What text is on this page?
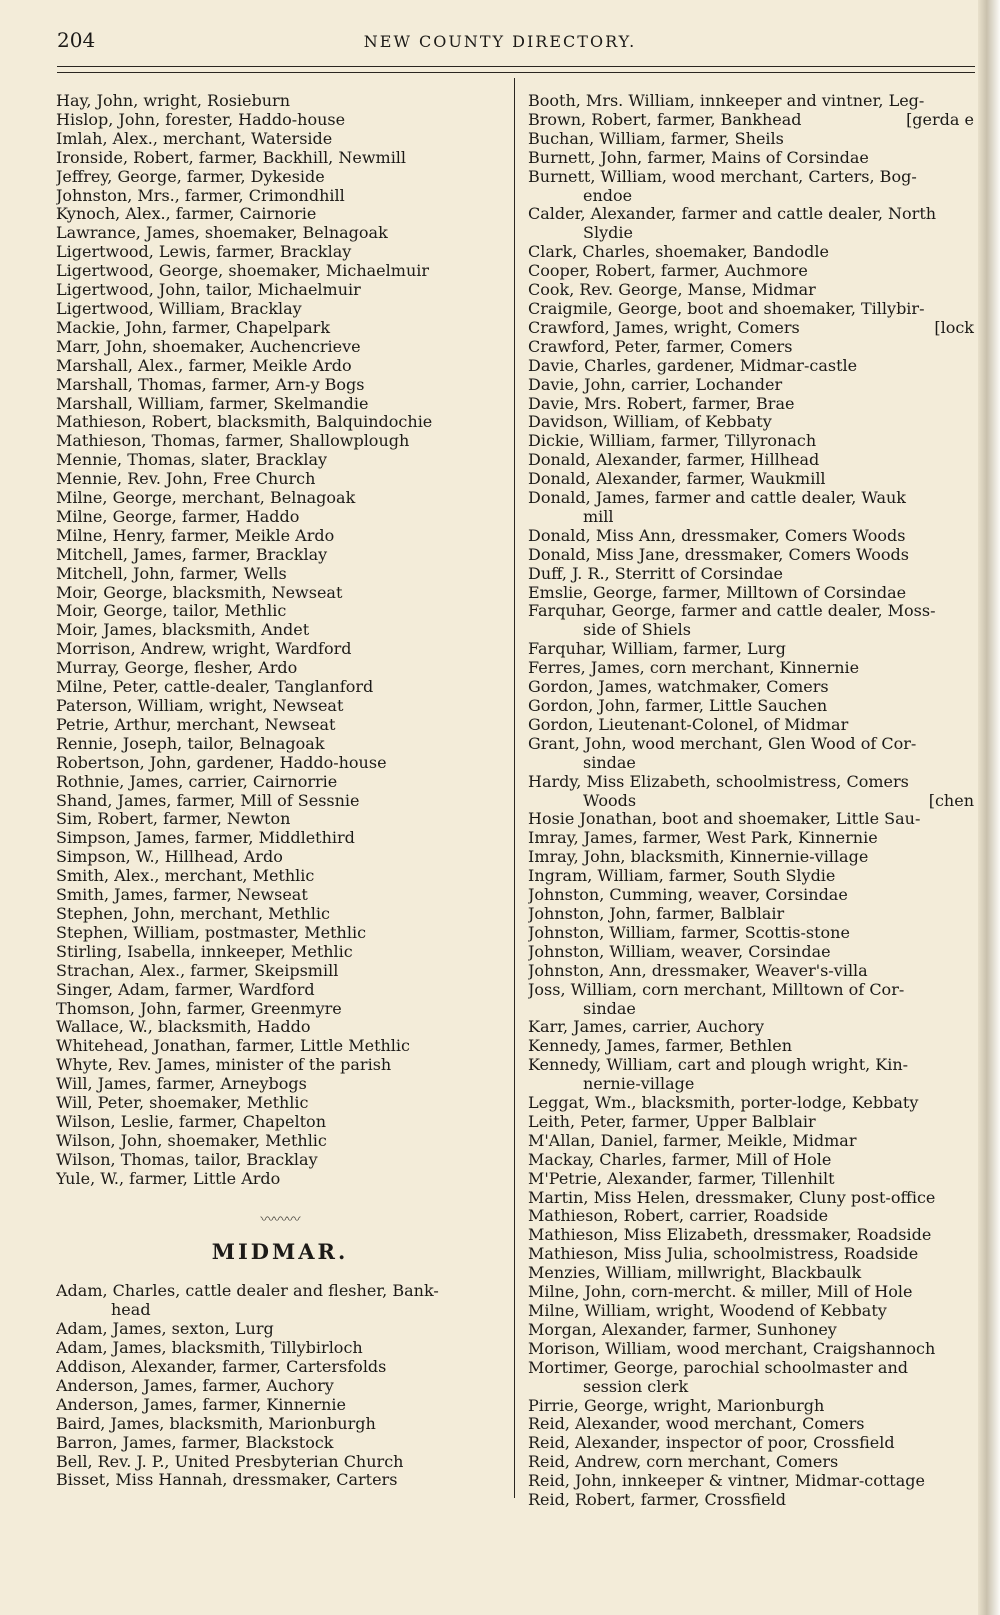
204	NEW COUNTY DIRECTORY.
Hay, John, wright, Rosieburn
Hislop, John, forester, Haddo-house
Imlah, Alex., merchant, Waterside
Ironside, Robert, farmer, Backhill, Newmill
Jeffrey, George, farmer, Dykeside
Johnston, Mrs., farmer, Crimondhill
Kynoch, Alex., farmer, Cairnorie
Lawrance, James, shoemaker, Belnagoak
Ligertwood, Lewis, farmer, Bracklay
Ligertwood, George, shoemaker, Michaelmuir
Ligertwood, John, tailor, Michaelmuir
Ligertwood, William, Bracklay
Mackie, John, farmer, Chapelpark
Marr, John, shoemaker, Auchencrieve
Marshall, Alex., farmer, Meikle Ardo
Marshall, Thomas, farmer, Arn-y Bogs
Marshall, William, farmer, Skelmandie
Mathieson, Robert, blacksmith, Balquindochie
Mathieson, Thomas, farmer, Shallowplough
Mennie, Thomas, slater, Bracklay
Mennie, Rev. John, Free Church
Milne, George, merchant, Belnagoak
Milne, George, farmer, Haddo
Milne, Henry, farmer, Meikle Ardo
Mitchell, James, farmer, Bracklay
Mitchell, John, farmer, Wells
Moir, George, blacksmith, Newseat
Moir, George, tailor, Methlic
Moir, James, blacksmith, Andet
Morrison, Andrew, wright, Wardford
Murray, George, flesher, Ardo
Milne, Peter, cattle-dealer, Tanglanford
Paterson, William, wright, Newseat
Petrie, Arthur, merchant, Newseat
Rennie, Joseph, tailor, Belnagoak
Robertson, John, gardener, Haddo-house
Rothnie, James, carrier, Cairnorrie
Shand, James, farmer, Mill of Sessnie
Sim, Robert, farmer, Newton
Simpson, James, farmer, Middlethird
Simpson, W., Hillhead, Ardo
Smith, Alex., merchant, Methlic
Smith, James, farmer, Newseat
Stephen, John, merchant, Methlic
Stephen, William, postmaster, Methlic
Stirling, Isabella, innkeeper, Methlic
Strachan, Alex., farmer, Skeipsmill
Singer, Adam, farmer, Wardford
Thomson, John, farmer, Greenmyre
Wallace, W., blacksmith, Haddo
Whitehead, Jonathan, farmer, Little Methlic
Whyte, Rev. James, minister of the parish
Will, James, farmer, Arneybogs
Will, Peter, shoemaker, Methlic
Wilson, Leslie, farmer, Chapelton
Wilson, John, shoemaker, Methlic
Wilson, Thomas, tailor, Bracklay
Yule, W., farmer, Little Ardo
〰〰〰
MIDMAR.
Adam, Charles, cattle dealer and flesher, Bank-
head
Adam, James, sexton, Lurg
Adam, James, blacksmith, Tillybirloch
Addison, Alexander, farmer, Cartersfolds
Anderson, James, farmer, Auchory
Anderson, James, farmer, Kinnernie
Baird, James, blacksmith, Marionburgh
Barron, James, farmer, Blackstock
Bell, Rev. J. P., United Presbyterian Church
Bisset, Miss Hannah, dressmaker, Carters
Booth, Mrs. William, innkeeper and vintner, Leg-
Brown, Robert, farmer, Bankhead	[gerda e
Buchan, William, farmer, Sheils
Burnett, John, farmer, Mains of Corsindae
Burnett, William, wood merchant, Carters, Bog-
endoe
Calder, Alexander, farmer and cattle dealer, North
Slydie
Clark, Charles, shoemaker, Bandodle
Cooper, Robert, farmer, Auchmore
Cook, Rev. George, Manse, Midmar
Craigmile, George, boot and shoemaker, Tillybir-
Crawford, James, wright, Comers	[lock
Crawford, Peter, farmer, Comers
Davie, Charles, gardener, Midmar-castle
Davie, John, carrier, Lochander
Davie, Mrs. Robert, farmer, Brae
Davidson, William, of Kebbaty
Dickie, William, farmer, Tillyronach
Donald, Alexander, farmer, Hillhead
Donald, Alexander, farmer, Waukmill
Donald, James, farmer and cattle dealer, Wauk
mill
Donald, Miss Ann, dressmaker, Comers Woods
Donald, Miss Jane, dressmaker, Comers Woods
Duff, J. R., Sterritt of Corsindae
Emslie, George, farmer, Milltown of Corsindae
Farquhar, George, farmer and cattle dealer, Moss-
side of Shiels
Farquhar, William, farmer, Lurg
Ferres, James, corn merchant, Kinnernie
Gordon, James, watchmaker, Comers
Gordon, John, farmer, Little Sauchen
Gordon, Lieutenant-Colonel, of Midmar
Grant, John, wood merchant, Glen Wood of Cor-
sindae
Hardy, Miss Elizabeth, schoolmistress, Comers
Woods	[chen
Hosie Jonathan, boot and shoemaker, Little Sau-
Imray, James, farmer, West Park, Kinnernie
Imray, John, blacksmith, Kinnernie-village
Ingram, William, farmer, South Slydie
Johnston, Cumming, weaver, Corsindae
Johnston, John, farmer, Balblair
Johnston, William, farmer, Scottis-stone
Johnston, William, weaver, Corsindae
Johnston, Ann, dressmaker, Weaver's-villa
Joss, William, corn merchant, Milltown of Cor-
sindae
Karr, James, carrier, Auchory
Kennedy, James, farmer, Bethlen
Kennedy, William, cart and plough wright, Kin-
nernie-village
Leggat, Wm., blacksmith, porter-lodge, Kebbaty
Leith, Peter, farmer, Upper Balblair
M'Allan, Daniel, farmer, Meikle, Midmar
Mackay, Charles, farmer, Mill of Hole
M'Petrie, Alexander, farmer, Tillenhilt
Martin, Miss Helen, dressmaker, Cluny post-office
Mathieson, Robert, carrier, Roadside
Mathieson, Miss Elizabeth, dressmaker, Roadside
Mathieson, Miss Julia, schoolmistress, Roadside
Menzies, William, millwright, Blackbaulk
Milne, John, corn-mercht. & miller, Mill of Hole
Milne, William, wright, Woodend of Kebbaty
Morgan, Alexander, farmer, Sunhoney
Morison, William, wood merchant, Craigshannoch
Mortimer, George, parochial schoolmaster and
session clerk
Pirrie, George, wright, Marionburgh
Reid, Alexander, wood merchant, Comers
Reid, Alexander, inspector of poor, Crossfield
Reid, Andrew, corn merchant, Comers
Reid, John, innkeeper & vintner, Midmar-cottage
Reid, Robert, farmer, Crossfield
